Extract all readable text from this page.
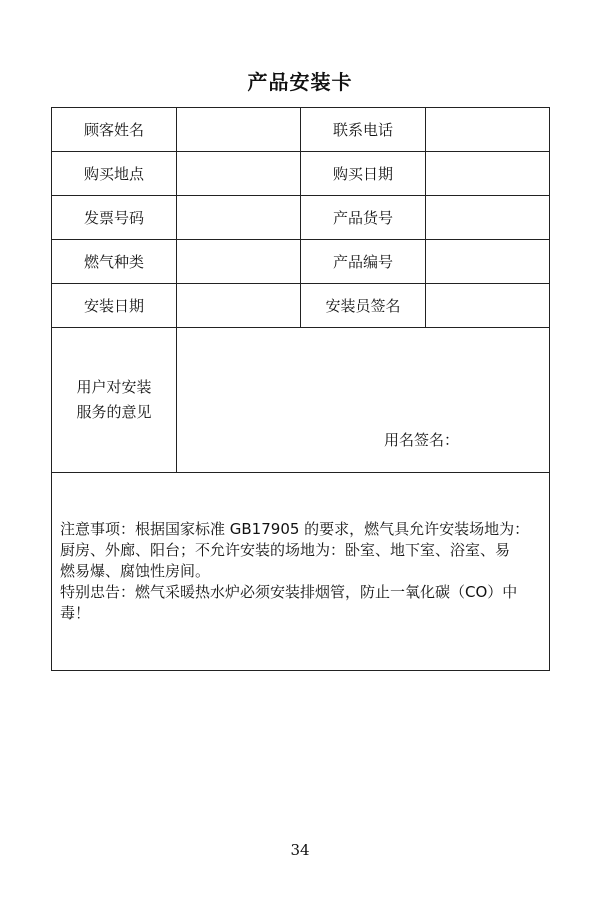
产品安装卡
顾客姓名		联系电话	
购买地点		购买日期	
发票号码		产品货号	
燃气种类		产品编号	
安装日期		安装员签名	
用户对安装
服务的意见	用名签名：		

注意事项：根据国家标准 GB17905 的要求，燃气具允许安装场地为：
厨房、外廊、阳台；不允许安装的场地为：卧室、地下室、浴室、易
燃易爆、腐蚀性房间。
特别忠告：燃气采暖热水炉必须安装排烟管，防止一氧化碳（CO）中
毒！			
34
